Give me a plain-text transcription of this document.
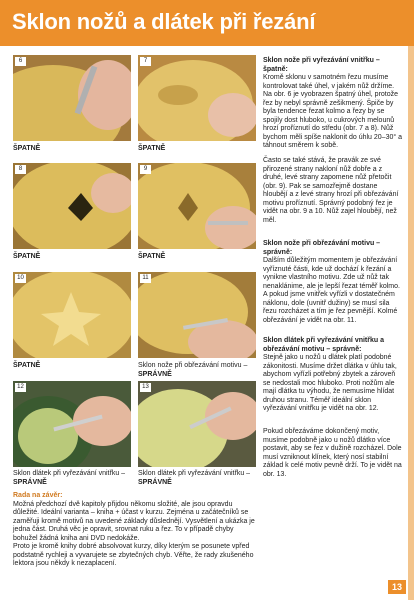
Sklon nožů a dlátek při řezání
6
ŠPATNĚ
7
ŠPATNĚ
8
ŠPATNĚ
9
ŠPATNĚ
10
ŠPATNĚ
11
Sklon nože při obřezávání motivu –
SPRÁVNĚ
12
Sklon dlátek při vyřezávání vnitřku –
SPRÁVNĚ
13
Sklon dlátek při vyřezávání vnitřku –
SPRÁVNĚ
Sklon nože při vyřezávání vnitřku – špatně:
Kromě sklonu v samotném řezu musíme kontrolovat také úhel, v jakém nůž držíme. Na obr. 6 je vyobrazen špatný úhel, protože řez by nebyl správně zešikmený. Špiče by byla tendence řezat kolmo a řezy by se spojily dost hluboko, u cukrových melounů hrozí proříznutí do středu (obr. 7 a 8). Nůž bychom měli spíše naklonit do úhlu 20–30° a táhnout směrem k sobě.
Často se také stává, že pravák ze své přirozené strany nakloní nůž dobře a z druhé, levé strany zapomene nůž přetočit (obr. 9). Pak se samozřejmě dostane hloubějí a z levé strany hrozí při obřezávání motivu proříznutí. Správný podobný řez je vidět na obr. 9 a 10. Nůž zajel hloubějí, než měl.
Sklon nože při obřezávání motivu – správně:
Dalším důležitým momentem je obřezávání vyříznuté části, kde už dochází k řezání a vynikne vlastního motivu. Zde už nůž tak nenaklánime, ale je lepší řezat téměř kolmo. A pokud jsme vnitřek vyřízli v dostatečném náklonu, dole (uvnitř dužiny) se musí sila řezu rozcházet a tím je řez pevnější. Kolmé obřezávání je vidět na obr. 11.
Sklon dlátek při vyřezávání vnitřku a obřezávání motivu – správně:
Stejně jako u nožů u dlátek platí podobné zákonitosti. Musíme držet dlátka v úhlu tak, abychom vyřízli potřebný zbytek a zároveň se nedostali moc hluboko. Proti nožům ale mají dlátka tu výhodu, že nemusíme hlídat druhou stranu. Téměř ideální sklon vyřezávání vnitřku je vidět na obr. 12.
Pokud obřezáváme dokončený motiv, musíme podobně jako u nožů dlátko více postavit, aby se řez v dužině rozcházel. Dole musí vzniknout klínek, který nosí stabilní základ k celé motiv pevně drží. To je vidět na obr. 13.
Rada na závěr:
Možná předchozí dvě kapitoly přijdou někomu složité, ale jsou opravdu důležité. Ideální varianta – kniha + účast v kurzu. Zejména u začátečníků se zaměřuji kromě motivů na uvedené základy důslednějí. Vysvětlení a ukázka je jedna část. Druhá věc je opravit, srovnat ruku a řez. To v případě chyby bohužel žádná kniha ani DVD nedokáže.
Proto je kromě knihy dobré absolvovat kurzy, díky kterým se posunete vpřed podstatně rychleji a vyvarujete se zbytečných chyb. Věřte, že rady zkušeného lektora jsou někdy k nezaplacení.
13
